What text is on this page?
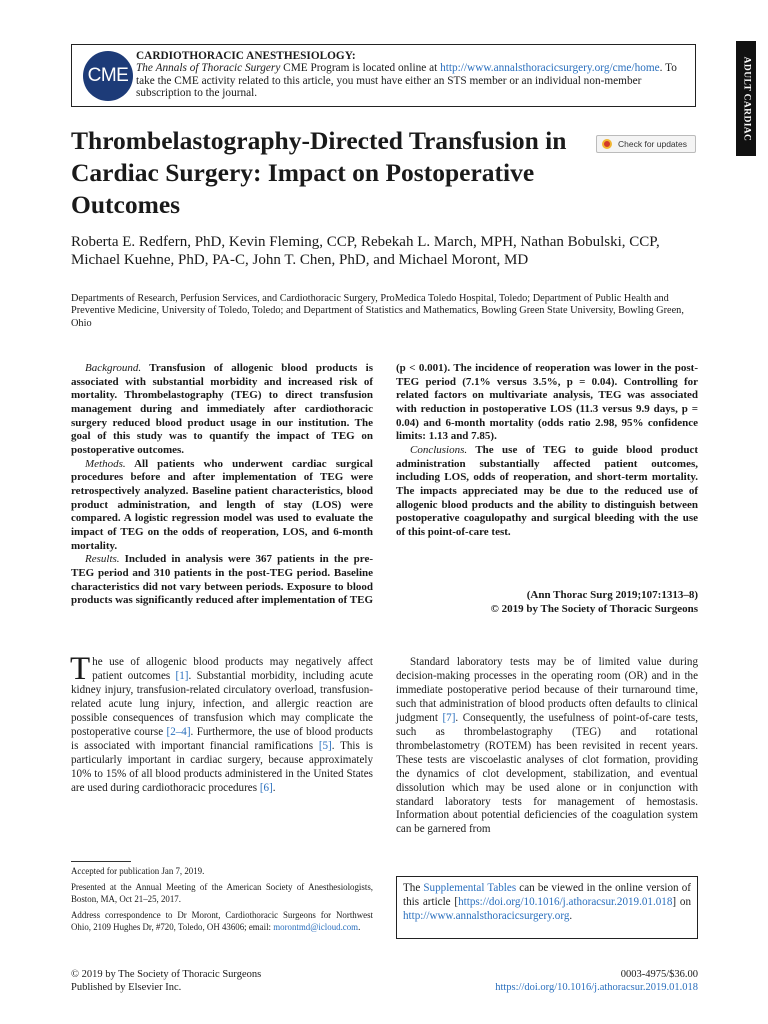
CME
CARDIOTHORACIC ANESTHESIOLOGY:
The Annals of Thoracic Surgery CME Program is located online at http://www.annalsthoracicsurgery.org/cme/home. To take the CME activity related to this article, you must have either an STS member or an individual non-member subscription to the journal.	ADULT CARDIAC
Thrombelastography-Directed Transfusion in Cardiac Surgery: Impact on Postoperative Outcomes
Check for updates
Roberta E. Redfern, PhD, Kevin Fleming, CCP, Rebekah L. March, MPH, Nathan Bobulski, CCP, Michael Kuehne, PhD, PA-C, John T. Chen, PhD, and Michael Moront, MD
Departments of Research, Perfusion Services, and Cardiothoracic Surgery, ProMedica Toledo Hospital, Toledo; Department of Public Health and Preventive Medicine, University of Toledo, Toledo; and Department of Statistics and Mathematics, Bowling Green State University, Bowling Green, Ohio

Background. Transfusion of allogenic blood products is associated with substantial morbidity and increased risk of mortality. Thrombelastography (TEG) to direct transfusion management during and immediately after cardiothoracic surgery reduced blood product usage in our institution. The goal of this study was to quantify the impact of TEG on postoperative outcomes.

Methods. All patients who underwent cardiac surgical procedures before and after implementation of TEG were retrospectively analyzed. Baseline patient characteristics, blood product administration, and length of stay (LOS) were compared. A logistic regression model was used to evaluate the impact of TEG on the odds of reoperation, LOS, and 6-month mortality.

Results. Included in analysis were 367 patients in the pre-TEG period and 310 patients in the post-TEG period. Baseline characteristics did not vary between periods. Exposure to blood products was significantly reduced after implementation of TEG

(p < 0.001). The incidence of reoperation was lower in the post-TEG period (7.1% versus 3.5%, p = 0.04). Controlling for related factors on multivariate analysis, TEG was associated with reduction in postoperative LOS (11.3 versus 9.9 days, p = 0.04) and 6-month mortality (odds ratio 2.98, 95% confidence limits: 1.13 and 7.85).

Conclusions. The use of TEG to guide blood product administration substantially affected patient outcomes, including LOS, odds of reoperation, and short-term mortality. The impacts appreciated may be due to the reduced use of allogenic blood products and the ability to distinguish between postoperative coagulopathy and surgical bleeding with the use of this point-of-care test.

(Ann Thorac Surg 2019;107:1313–8)
© 2019 by The Society of Thoracic Surgeons

The use of allogenic blood products may negatively affect patient outcomes [1]. Substantial morbidity, including acute kidney injury, transfusion-related circulatory overload, transfusion-related acute lung injury, infection, and allergic reaction are possible consequences of transfusion which may complicate the postoperative course [2–4]. Furthermore, the use of blood products is associated with important financial ramifications [5]. This is particularly important in cardiac surgery, because approximately 10% to 15% of all blood products administered in the United States are used during cardiothoracic procedures [6].

Standard laboratory tests may be of limited value during decision-making processes in the operating room (OR) and in the immediate postoperative period because of their turnaround time, such that administration of blood products often defaults to clinical judgment [7]. Consequently, the usefulness of point-of-care tests, such as thrombelastography (TEG) and rotational thrombelastometry (ROTEM) has been revisited in recent years. These tests are viscoelastic analyses of clot formation, providing the dynamics of clot development, stabilization, and eventual dissolution which may be used alone or in conjunction with standard laboratory tests for management of hemostasis. Information about potential deficiencies of the coagulation system can be garnered from

Accepted for publication Jan 7, 2019.

Presented at the Annual Meeting of the American Society of Anesthesiologists, Boston, MA, Oct 21–25, 2017.

Address correspondence to Dr Moront, Cardiothoracic Surgeons for Northwest Ohio, 2109 Hughes Dr, #720, Toledo, OH 43606; email: morontmd@icloud.com.

The Supplemental Tables can be viewed in the online version of this article [https://doi.org/10.1016/j.athoracsur.2019.01.018] on http://www.annalsthoracicsurgery.org.
© 2019 by The Society of Thoracic Surgeons
Published by Elsevier Inc.
0003-4975/$36.00
https://doi.org/10.1016/j.athoracsur.2019.01.018
